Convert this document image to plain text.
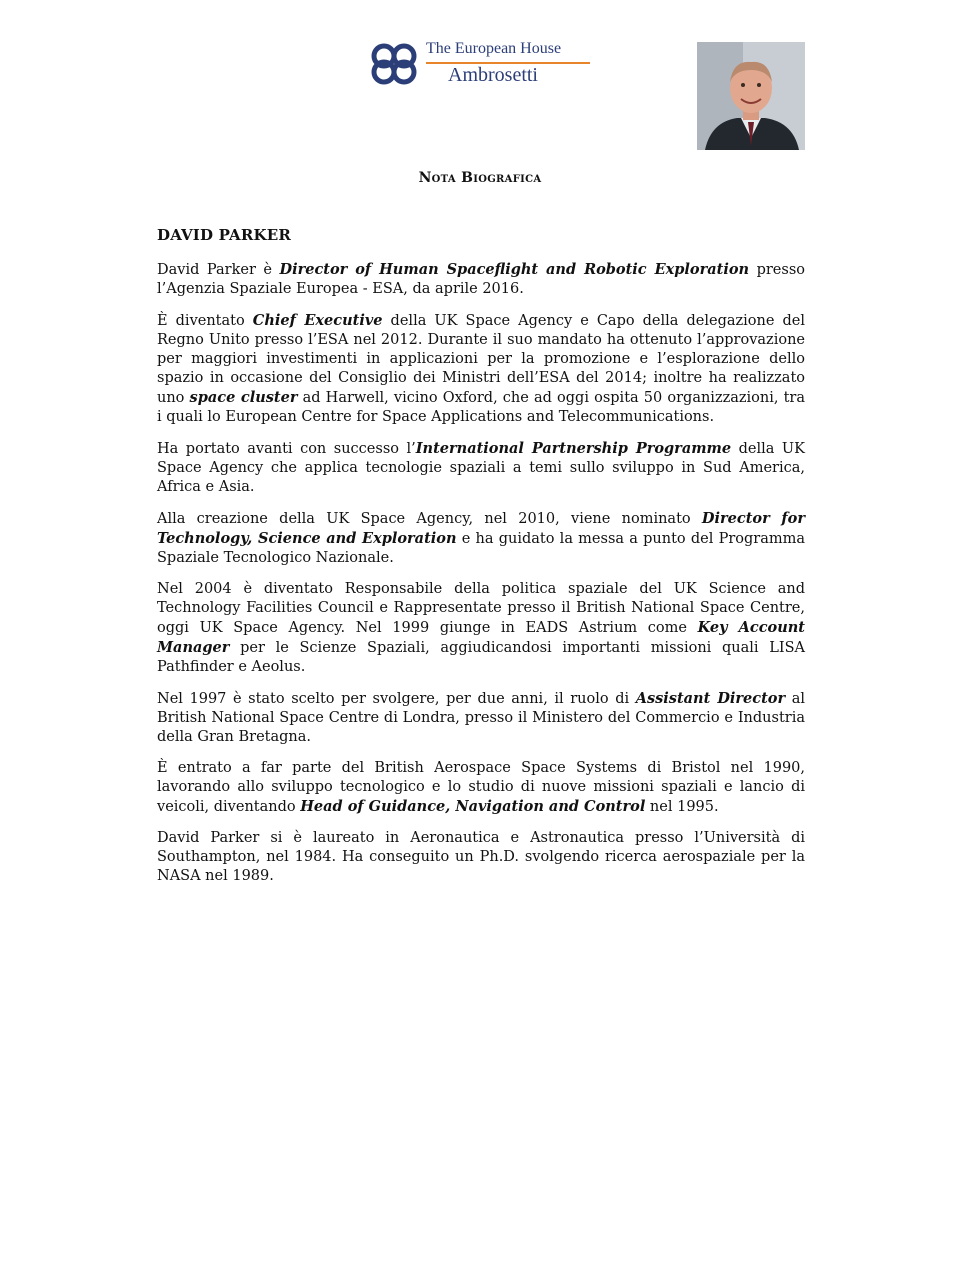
The European House
Ambrosetti
Nota Biografica
DAVID PARKER

David Parker è Director of Human Spaceflight and Robotic Exploration presso l’Agenzia Spaziale Europea - ESA, da aprile 2016.

È diventato Chief Executive della UK Space Agency e Capo della delegazione del Regno Unito presso l’ESA nel 2012. Durante il suo mandato ha ottenuto l’approvazione per maggiori investimenti in applicazioni per la promozione e l’esplorazione dello spazio in occasione del Consiglio dei Ministri dell’ESA del 2014; inoltre ha realizzato uno space cluster ad Harwell, vicino Oxford, che ad oggi ospita 50 organizzazioni, tra i quali lo European Centre for Space Applications and Telecommunications.

Ha portato avanti con successo l’International Partnership Programme della UK Space Agency che applica tecnologie spaziali a temi sullo sviluppo in Sud America, Africa e Asia.

Alla creazione della UK Space Agency, nel 2010, viene nominato Director for Technology, Science and Exploration e ha guidato la messa a punto del Programma Spaziale Tecnologico Nazionale.

Nel 2004 è diventato Responsabile della politica spaziale del UK Science and Technology Facilities Council e Rappresentate presso il British National Space Centre, oggi UK Space Agency. Nel 1999 giunge in EADS Astrium come Key Account Manager per le Scienze Spaziali, aggiudicandosi importanti missioni quali LISA Pathfinder e Aeolus.

Nel 1997 è stato scelto per svolgere, per due anni, il ruolo di Assistant Director al British National Space Centre di Londra, presso il Ministero del Commercio e Industria della Gran Bretagna.

È entrato a far parte del British Aerospace Space Systems di Bristol nel 1990, lavorando allo sviluppo tecnologico e lo studio di nuove missioni spaziali e lancio di veicoli, diventando Head of Guidance, Navigation and Control nel 1995.

David Parker si è laureato in Aeronautica e Astronautica presso l’Università di Southampton, nel 1984. Ha conseguito un Ph.D. svolgendo ricerca aerospaziale per la NASA nel 1989.
